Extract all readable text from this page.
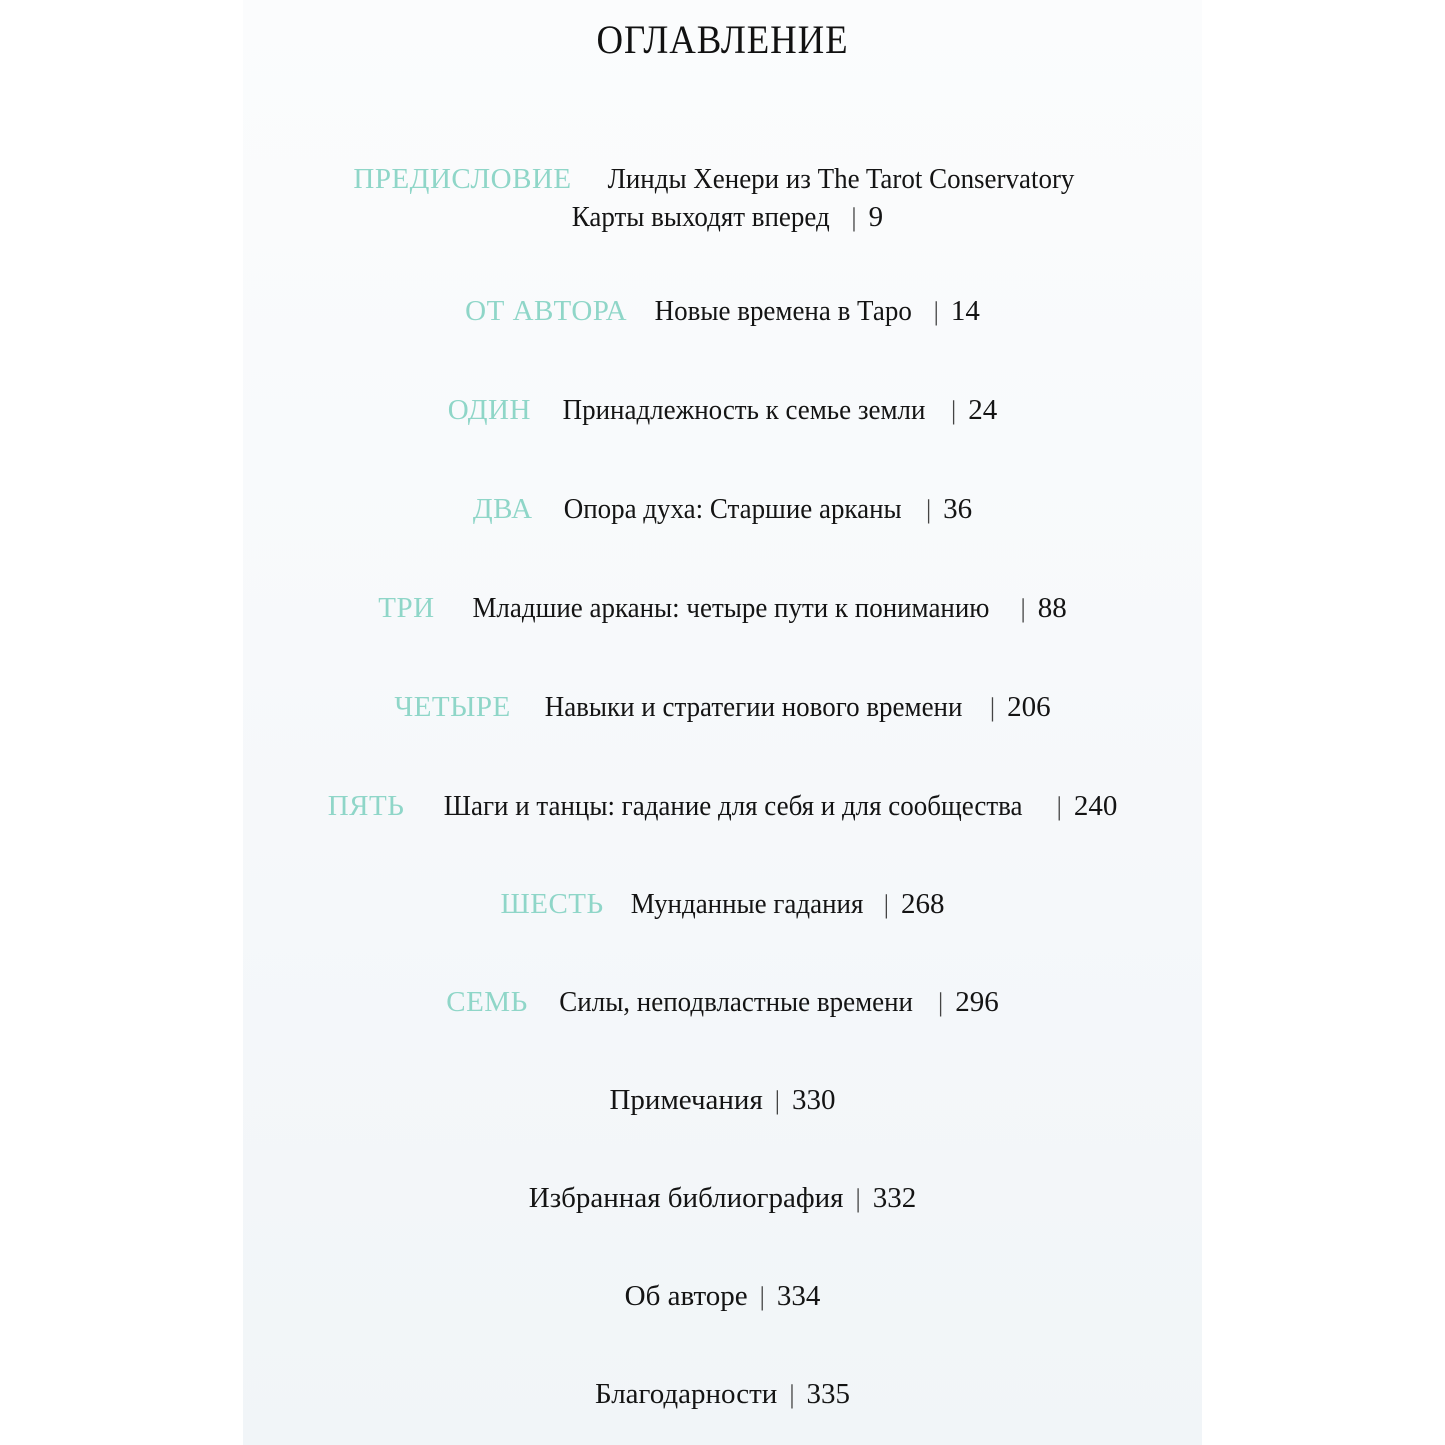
ОГЛАВЛЕНИЕ
ПРЕДИСЛОВИЕ Линды Хенери из The Tarot Conservatory
Карты выходят вперед | 9
ОТ АВТОРА Новые времена в Таро | 14
ОДИН Принадлежность к семье земли | 24
ДВА Опора духа: Старшие арканы | 36
ТРИ Младшие арканы: четыре пути к пониманию | 88
ЧЕТЫРЕ Навыки и стратегии нового времени | 206
ПЯТЬ Шаги и танцы: гадание для себя и для сообщества | 240
ШЕСТЬ Мунданные гадания | 268
СЕМЬ Силы, неподвластные времени | 296
Примечания | 330
Избранная библиография | 332
Об авторе | 334
Благодарности | 335
